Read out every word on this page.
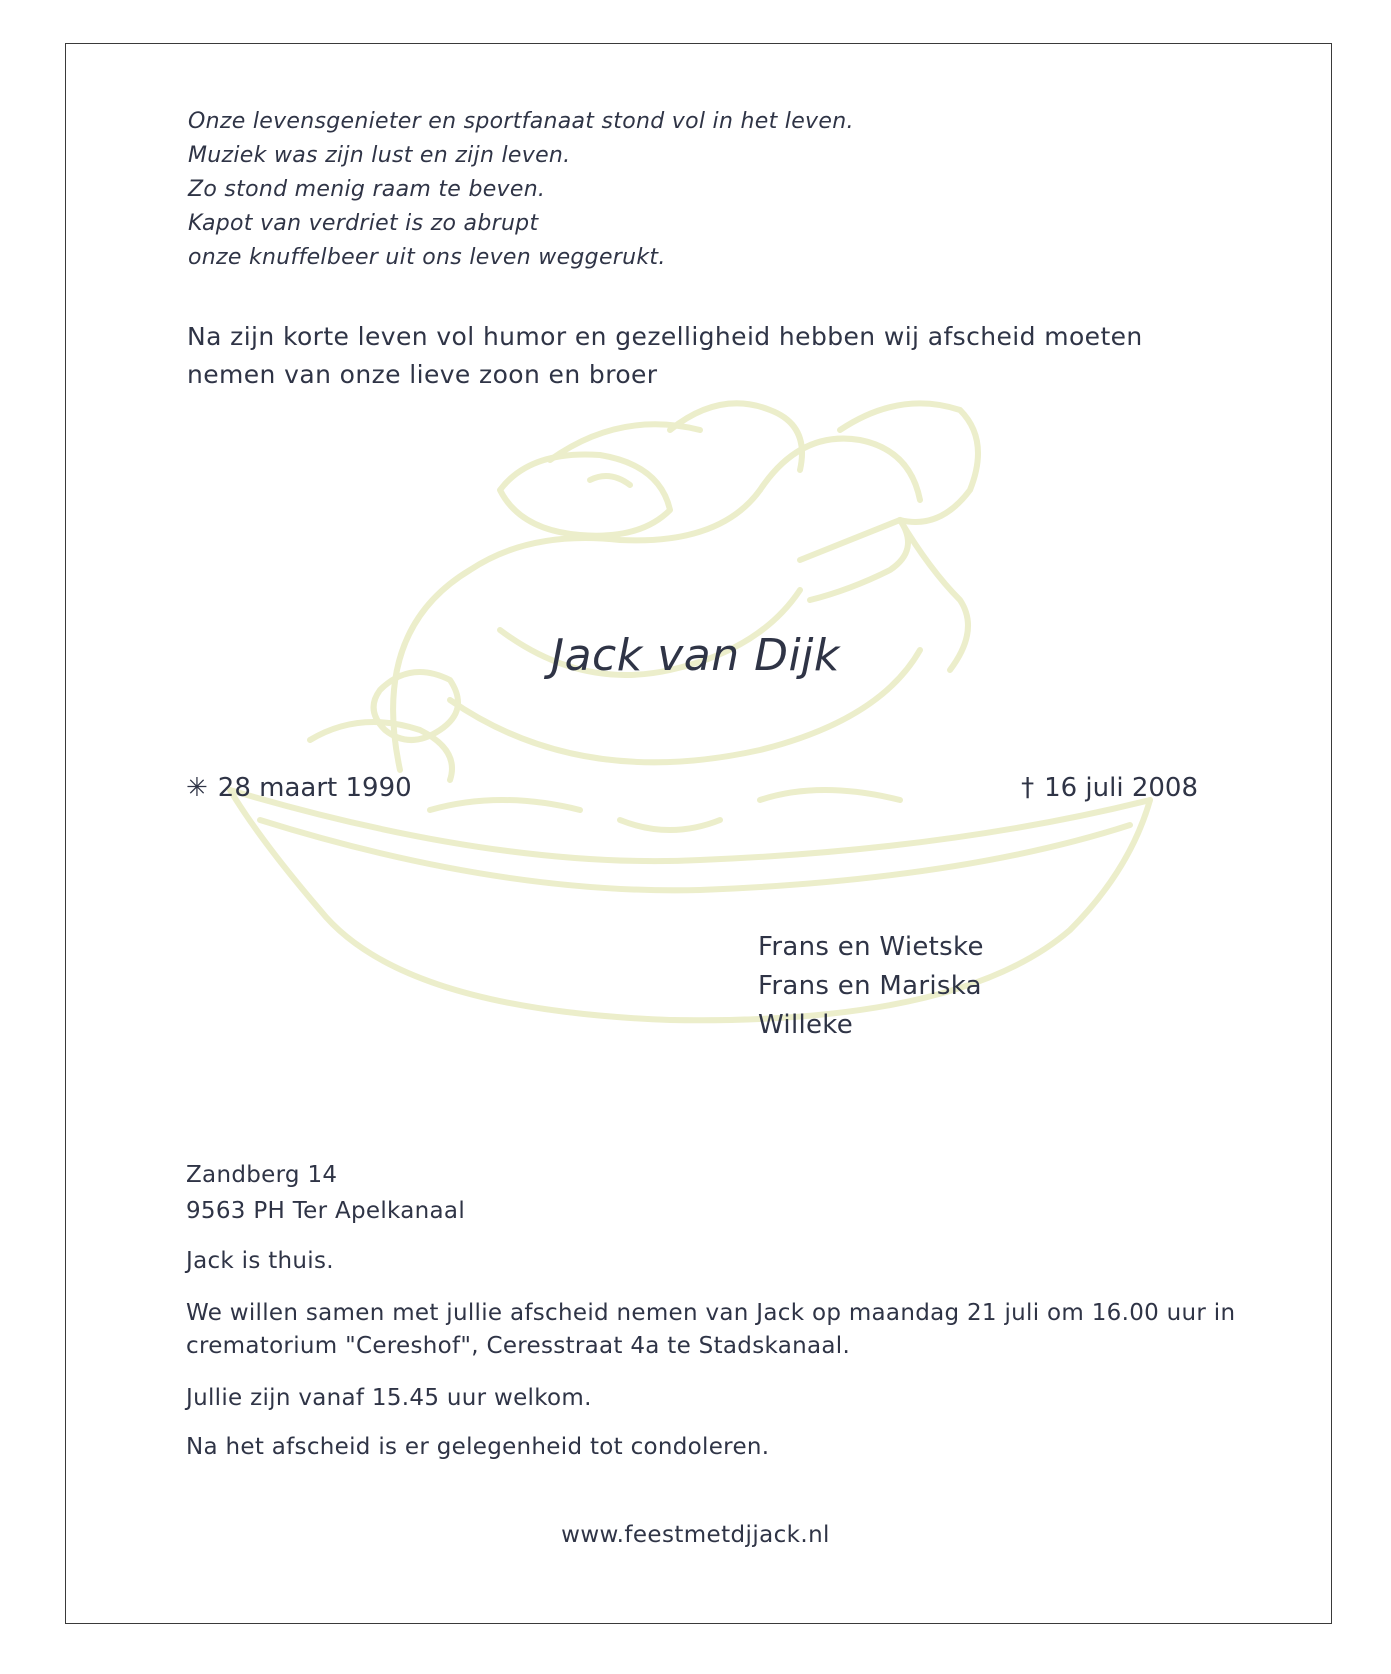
Onze levensgenieter en sportfanaat stond vol in het leven.
Muziek was zijn lust en zijn leven.
Zo stond menig raam te beven.
Kapot van verdriet is zo abrupt
onze knuffelbeer uit ons leven weggerukt.
Na zijn korte leven vol humor en gezelligheid hebben wij afscheid moeten
nemen van onze lieve zoon en broer
Jack van Dijk
✳ 28 maart 1990	† 16 juli 2008
Frans en Wietske
Frans en Mariska
Willeke
Zandberg 14
9563 PH Ter Apelkanaal
Jack is thuis.
We willen samen met jullie afscheid nemen van Jack op maandag 21 juli om 16.00 uur in
crematorium "Cereshof", Ceresstraat 4a te Stadskanaal.
Jullie zijn vanaf 15.45 uur welkom.
Na het afscheid is er gelegenheid tot condoleren.
www.feestmetdjjack.nl
